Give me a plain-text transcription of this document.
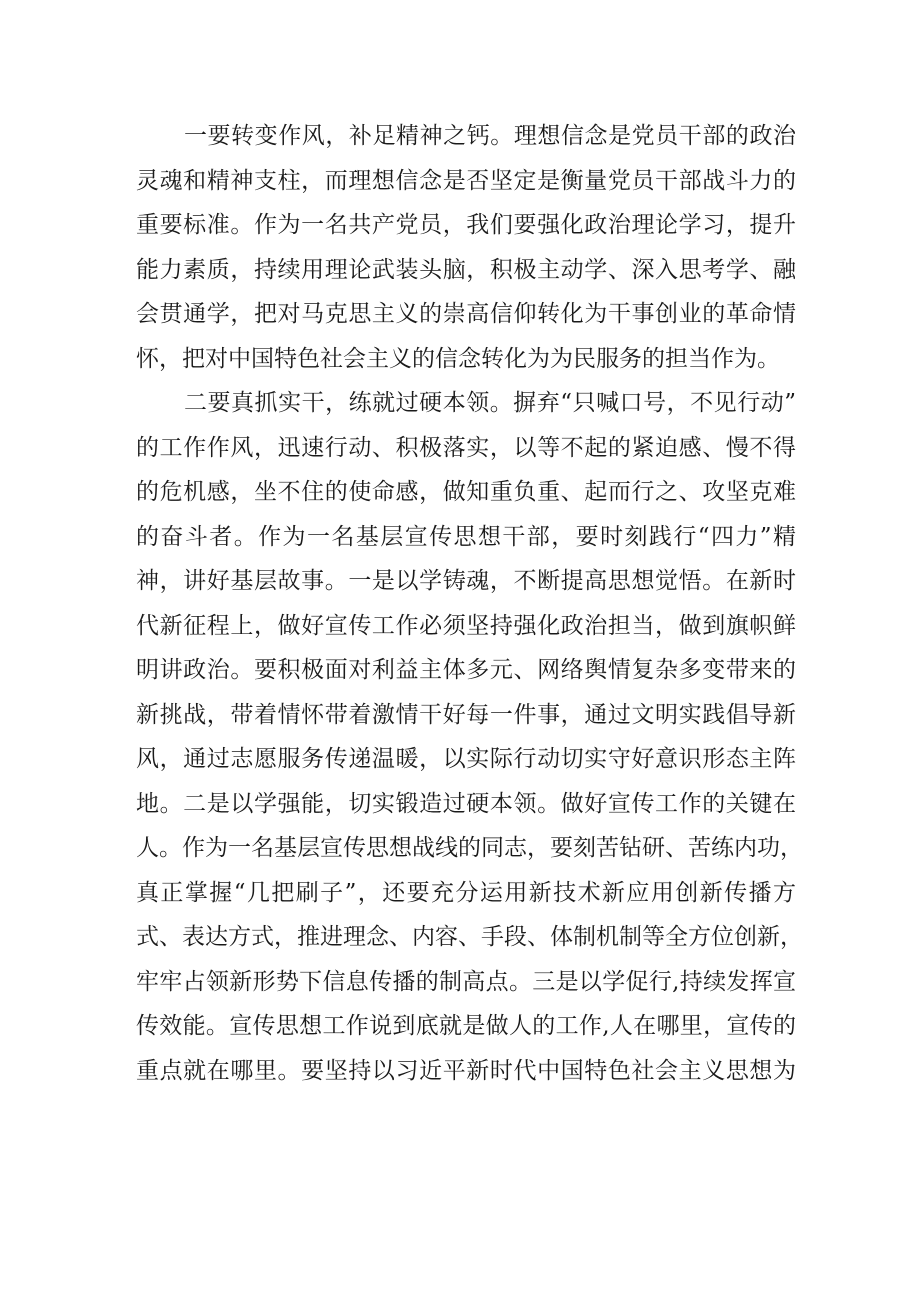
一要转变作风，补足精神之钙。理想信念是党员干部的政治
灵魂和精神支柱，而理想信念是否坚定是衡量党员干部战斗力的
重要标准。作为一名共产党员，我们要强化政治理论学习，提升
能力素质，持续用理论武装头脑，积极主动学、深入思考学、融
会贯通学，把对马克思主义的崇高信仰转化为干事创业的革命情
怀，把对中国特色社会主义的信念转化为为民服务的担当作为。
二要真抓实干，练就过硬本领。摒弃“只喊口号，不见行动”
的工作作风，迅速行动、积极落实，以等不起的紧迫感、慢不得
的危机感，坐不住的使命感，做知重负重、起而行之、攻坚克难
的奋斗者。作为一名基层宣传思想干部，要时刻践行“四力”精
神，讲好基层故事。一是以学铸魂，不断提高思想觉悟。在新时
代新征程上，做好宣传工作必须坚持强化政治担当，做到旗帜鲜
明讲政治。要积极面对利益主体多元、网络舆情复杂多变带来的
新挑战，带着情怀带着激情干好每一件事，通过文明实践倡导新
风，通过志愿服务传递温暖，以实际行动切实守好意识形态主阵
地。二是以学强能，切实锻造过硬本领。做好宣传工作的关键在
人。作为一名基层宣传思想战线的同志，要刻苦钻研、苦练内功，
真正掌握“几把刷子”，还要充分运用新技术新应用创新传播方
式、表达方式，推进理念、内容、手段、体制机制等全方位创新，
牢牢占领新形势下信息传播的制高点。三是以学促行,持续发挥宣
传效能。宣传思想工作说到底就是做人的工作,人在哪里，宣传的
重点就在哪里。要坚持以习近平新时代中国特色社会主义思想为
